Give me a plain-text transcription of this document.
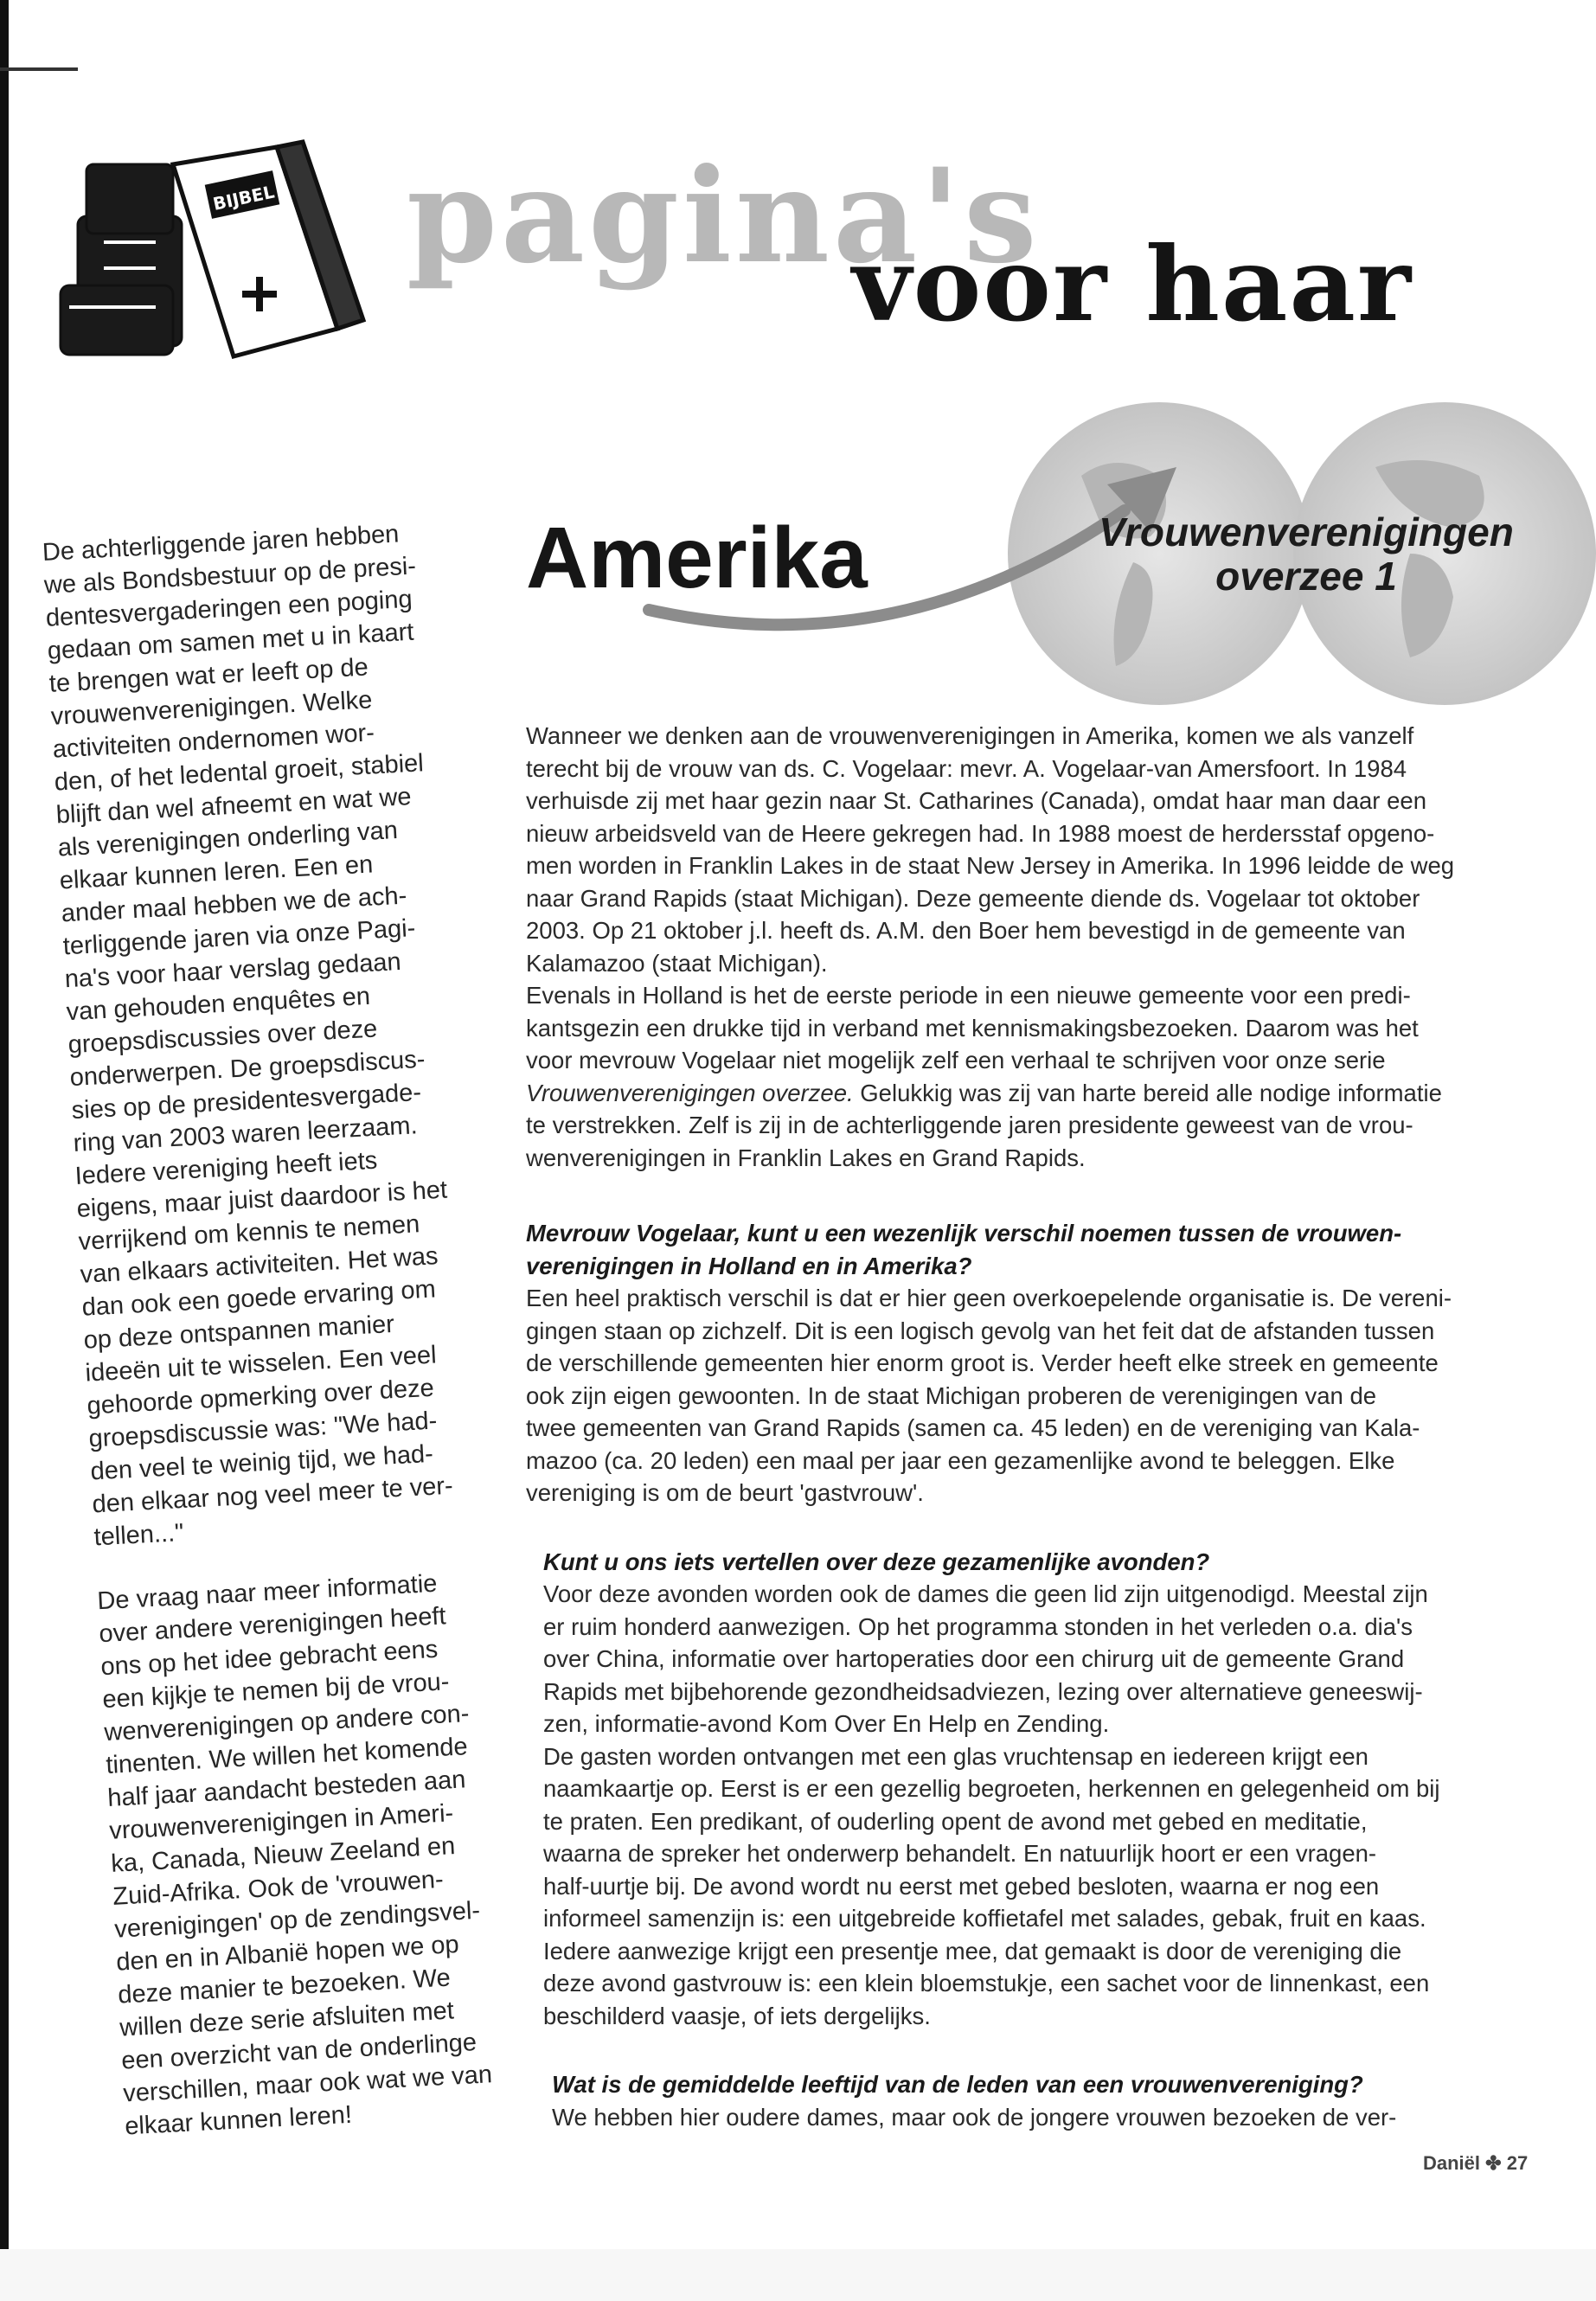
BIJBEL pagina's
voor haar
Amerika	Vrouwenverenigingen
overzee 1

De achterliggende jaren hebben
we als Bondsbestuur op de presi-
dentesvergaderingen een poging
gedaan om samen met u in kaart
te brengen wat er leeft op de
vrouwenverenigingen. Welke
activiteiten ondernomen wor-
den, of het ledental groeit, stabiel
blijft dan wel afneemt en wat we
als verenigingen onderling van
elkaar kunnen leren. Een en
ander maal hebben we de ach-
terliggende jaren via onze Pagi-
na's voor haar verslag gedaan
van gehouden enquêtes en
groepsdiscussies over deze
onderwerpen. De groepsdiscus-
sies op de presidentesvergade-
ring van 2003 waren leerzaam.
Iedere vereniging heeft iets
eigens, maar juist daardoor is het
verrijkend om kennis te nemen
van elkaars activiteiten. Het was
dan ook een goede ervaring om
op deze ontspannen manier
ideeën uit te wisselen. Een veel
gehoorde opmerking over deze
groepsdiscussie was: "We had-
den veel te weinig tijd, we had-
den elkaar nog veel meer te ver-
tellen..."

De vraag naar meer informatie
over andere verenigingen heeft
ons op het idee gebracht eens
een kijkje te nemen bij de vrou-
wenverenigingen op andere con-
tinenten. We willen het komende
half jaar aandacht besteden aan
vrouwenverenigingen in Ameri-
ka, Canada, Nieuw Zeeland en
Zuid-Afrika. Ook de 'vrouwen-
verenigingen' op de zendingsvel-
den en in Albanië hopen we op
deze manier te bezoeken. We
willen deze serie afsluiten met
een overzicht van de onderlinge
verschillen, maar ook wat we van
elkaar kunnen leren!

Wanneer we denken aan de vrouwenverenigingen in Amerika, komen we als vanzelf
terecht bij de vrouw van ds. C. Vogelaar: mevr. A. Vogelaar-van Amersfoort. In 1984
verhuisde zij met haar gezin naar St. Catharines (Canada), omdat haar man daar een
nieuw arbeidsveld van de Heere gekregen had. In 1988 moest de herdersstaf opgeno-
men worden in Franklin Lakes in de staat New Jersey in Amerika. In 1996 leidde de weg
naar Grand Rapids (staat Michigan). Deze gemeente diende ds. Vogelaar tot oktober
2003. Op 21 oktober j.l. heeft ds. A.M. den Boer hem bevestigd in de gemeente van
Kalamazoo (staat Michigan).

Evenals in Holland is het de eerste periode in een nieuwe gemeente voor een predi-
kantsgezin een drukke tijd in verband met kennismakingsbezoeken. Daarom was het
voor mevrouw Vogelaar niet mogelijk zelf een verhaal te schrijven voor onze serie
Vrouwenverenigingen overzee. Gelukkig was zij van harte bereid alle nodige informatie
te verstrekken. Zelf is zij in de achterliggende jaren presidente geweest van de vrou-
wenverenigingen in Franklin Lakes en Grand Rapids.

Mevrouw Vogelaar, kunt u een wezenlijk verschil noemen tussen de vrouwen-
verenigingen in Holland en in Amerika?

Een heel praktisch verschil is dat er hier geen overkoepelende organisatie is. De vereni-
gingen staan op zichzelf. Dit is een logisch gevolg van het feit dat de afstanden tussen
de verschillende gemeenten hier enorm groot is. Verder heeft elke streek en gemeente
ook zijn eigen gewoonten. In de staat Michigan proberen de verenigingen van de
twee gemeenten van Grand Rapids (samen ca. 45 leden) en de vereniging van Kala-
mazoo (ca. 20 leden) een maal per jaar een gezamenlijke avond te beleggen. Elke
vereniging is om de beurt 'gastvrouw'.

Kunt u ons iets vertellen over deze gezamenlijke avonden?

Voor deze avonden worden ook de dames die geen lid zijn uitgenodigd. Meestal zijn
er ruim honderd aanwezigen. Op het programma stonden in het verleden o.a. dia's
over China, informatie over hartoperaties door een chirurg uit de gemeente Grand
Rapids met bijbehorende gezondheidsadviezen, lezing over alternatieve geneeswij-
zen, informatie-avond Kom Over En Help en Zending.

De gasten worden ontvangen met een glas vruchtensap en iedereen krijgt een
naamkaartje op. Eerst is er een gezellig begroeten, herkennen en gelegenheid om bij
te praten. Een predikant, of ouderling opent de avond met gebed en meditatie,
waarna de spreker het onderwerp behandelt. En natuurlijk hoort er een vragen-
half-uurtje bij. De avond wordt nu eerst met gebed besloten, waarna er nog een
informeel samenzijn is: een uitgebreide koffietafel met salades, gebak, fruit en kaas.
Iedere aanwezige krijgt een presentje mee, dat gemaakt is door de vereniging die
deze avond gastvrouw is: een klein bloemstukje, een sachet voor de linnenkast, een
beschilderd vaasje, of iets dergelijks.

Wat is de gemiddelde leeftijd van de leden van een vrouwenvereniging?

We hebben hier oudere dames, maar ook de jongere vrouwen bezoeken de ver-

Daniël ✤ 27
